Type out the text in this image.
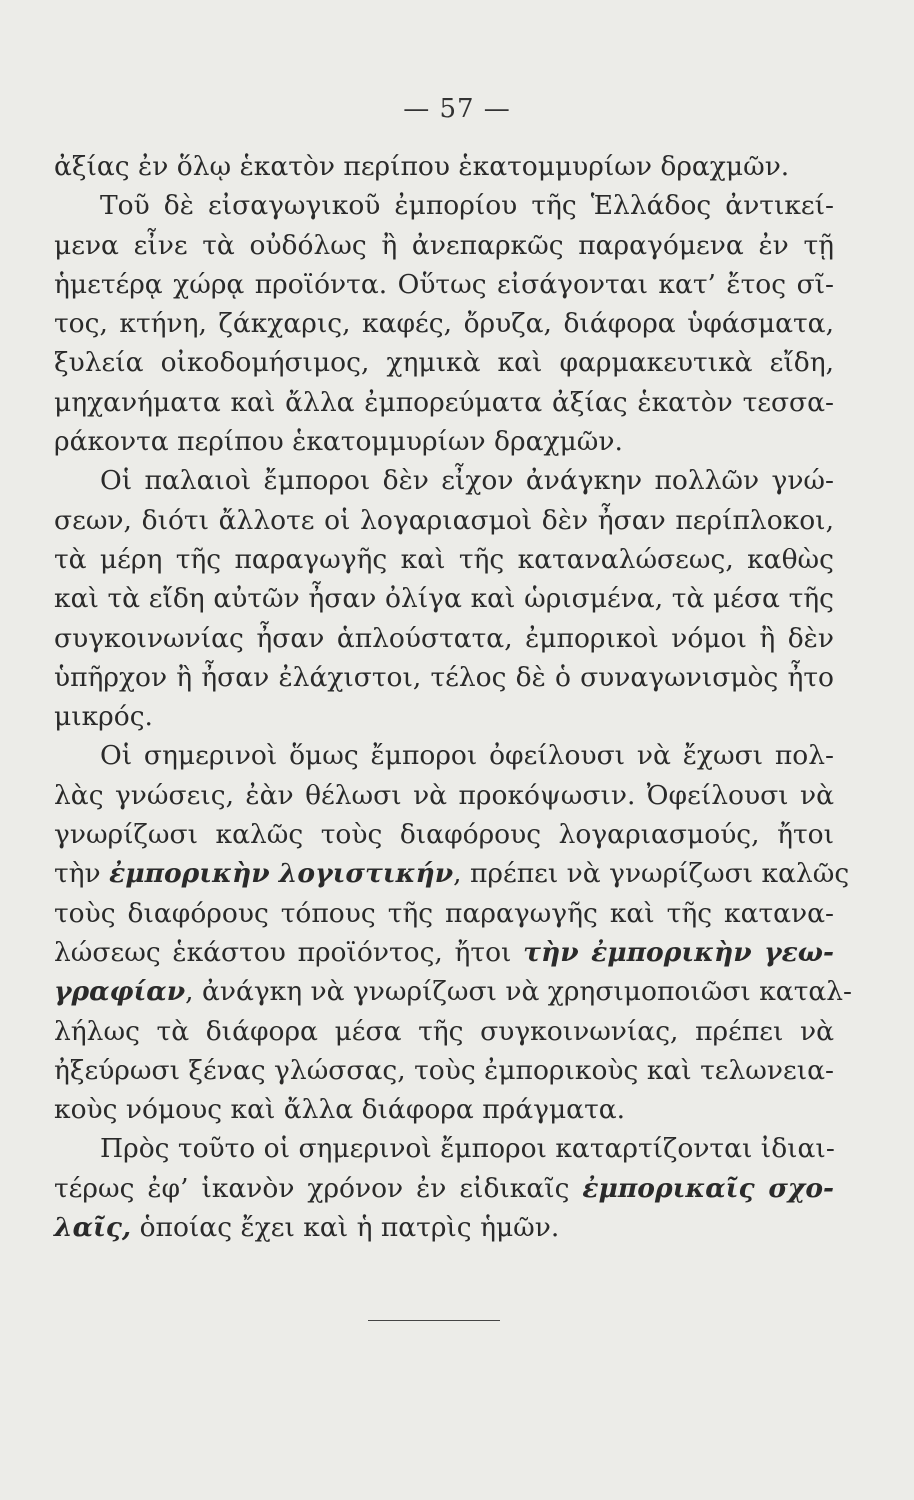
— 57 —
ἀξίας ἐν ὅλῳ ἑκατὸν περίπου ἑκατομμυρίων δραχμῶν.
Τοῦ δὲ εἰσαγωγικοῦ ἐμπορίου τῆς Ἑλλάδος ἀντικεί-
μενα εἶνε τὰ οὐδόλως ἢ ἀνεπαρκῶς παραγόμενα ἐν τῇ
ἡμετέρᾳ χώρᾳ προϊόντα. Οὕτως εἰσάγονται κατ’ ἔτος σῖ-
τος, κτήνη, ζάκχαρις, καφές, ὄρυζα, διάφορα ὑφάσματα,
ξυλεία οἰκοδομήσιμος, χημικὰ καὶ φαρμακευτικὰ εἴδη,
μηχανήματα καὶ ἄλλα ἐμπορεύματα ἀξίας ἑκατὸν τεσσα-
ράκοντα περίπου ἑκατομμυρίων δραχμῶν.
Οἱ παλαιοὶ ἔμποροι δὲν εἶχον ἀνάγκην πολλῶν γνώ-
σεων, διότι ἄλλοτε οἱ λογαριασμοὶ δὲν ἦσαν περίπλοκοι,
τὰ μέρη τῆς παραγωγῆς καὶ τῆς καταναλώσεως, καθὼς
καὶ τὰ εἴδη αὐτῶν ἦσαν ὀλίγα καὶ ὡρισμένα, τὰ μέσα τῆς
συγκοινωνίας ἦσαν ἁπλούστατα, ἐμπορικοὶ νόμοι ἢ δὲν
ὑπῆρχον ἢ ἦσαν ἐλάχιστοι, τέλος δὲ ὁ συναγωνισμὸς ἦτο
μικρός.
Οἱ σημερινοὶ ὅμως ἔμποροι ὀφείλουσι νὰ ἔχωσι πολ-
λὰς γνώσεις, ἐὰν θέλωσι νὰ προκόψωσιν. Ὀφείλουσι νὰ
γνωρίζωσι καλῶς τοὺς διαφόρους λογαριασμούς, ἤτοι
τὴν ἐμπορικὴν λογιστικήν, πρέπει νὰ γνωρίζωσι καλῶς
τοὺς διαφόρους τόπους τῆς παραγωγῆς καὶ τῆς κατανα-
λώσεως ἑκάστου προϊόντος, ἤτοι τὴν ἐμπορικὴν γεω-
γραφίαν, ἀνάγκη νὰ γνωρίζωσι νὰ χρησιμοποιῶσι καταλ-
λήλως τὰ διάφορα μέσα τῆς συγκοινωνίας, πρέπει νὰ
ἠξεύρωσι ξένας γλώσσας, τοὺς ἐμπορικοὺς καὶ τελωνεια-
κοὺς νόμους καὶ ἄλλα διάφορα πράγματα.
Πρὸς τοῦτο οἱ σημερινοὶ ἔμποροι καταρτίζονται ἰδιαι-
τέρως ἐφ’ ἱκανὸν χρόνον ἐν εἰδικαῖς ἐμπορικαῖς σχο-
λαῖς, ὁποίας ἔχει καὶ ἡ πατρὶς ἡμῶν.
